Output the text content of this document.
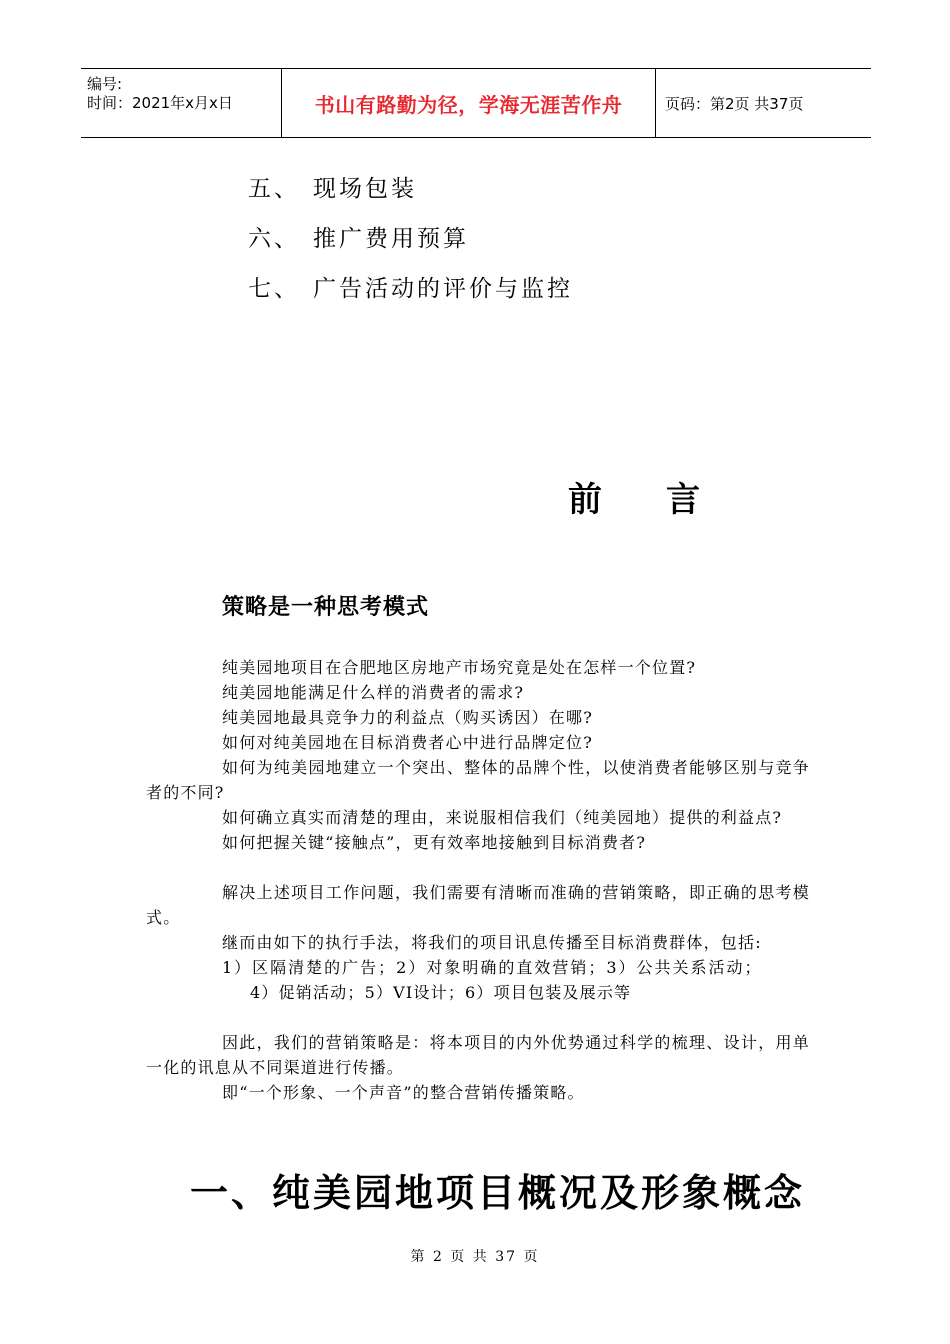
编号:
时间：2021年x月x日	书山有路勤为径，学海无涯苦作舟	页码：第2页 共37页
五、 现场包装
六、 推广费用预算
七、 广告活动的评价与监控
前言
策略是一种思考模式

纯美园地项目在合肥地区房地产市场究竟是处在怎样一个位置?

纯美园地能满足什么样的消费者的需求?

纯美园地最具竞争力的利益点（购买诱因）在哪?

如何对纯美园地在目标消费者心中进行品牌定位?

如何为纯美园地建立一个突出、整体的品牌个性，以使消费者能够区别与竞争者的不同?

如何确立真实而清楚的理由，来说服相信我们（纯美园地）提供的利益点?

如何把握关键“接触点”，更有效率地接触到目标消费者?

解决上述项目工作问题，我们需要有清晰而准确的营销策略，即正确的思考模式。

继而由如下的执行手法，将我们的项目讯息传播至目标消费群体，包括:

1）区隔清楚的广告；2）对象明确的直效营销；3）公共关系活动；

4）促销活动；5）VI设计；6）项目包装及展示等

因此，我们的营销策略是：将本项目的内外优势通过科学的梳理、设计，用单一化的讯息从不同渠道进行传播。

即“一个形象、一个声音”的整合营销传播策略。

一、纯美园地项目概况及形象概念
第 2 页 共 37 页
